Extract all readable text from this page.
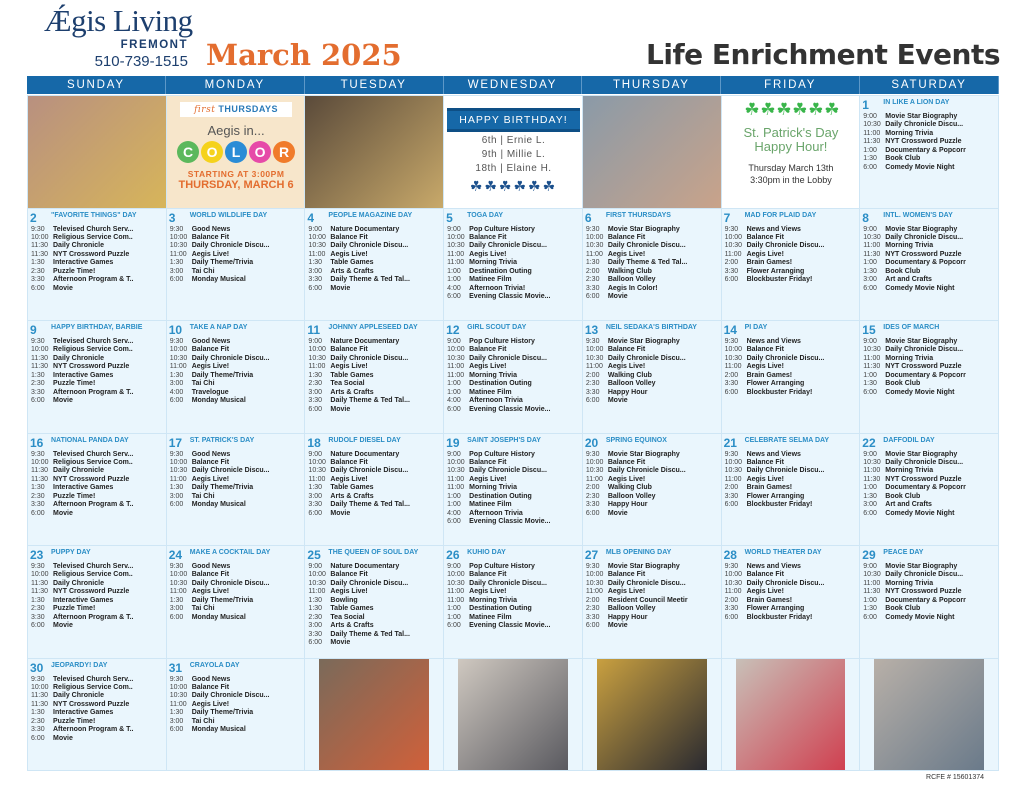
Ǽgis Living
FREMONT
510-739-1515 March 2025	Life Enrichment Events
SUNDAY	MONDAY	TUESDAY	WEDNESDAY	THURSDAY	FRIDAY	SATURDAY
first THURSDAYS
Aegis in...
C O	L	O R
STARTING AT 3:00PM
THURSDAY, MARCH 6
HAPPY BIRTHDAY!
6th | Ernie L.
9th | Millie L.
18th | Elaine H.
☘☘☘☘☘☘
☘ ☘ ☘ ☘ ☘ ☘
St. Patrick's Day
Happy Hour!
Thursday March 13th
3:30pm in the Lobby
1 IN LIKE A LION DAY
9:00	Movie Star Biography
10:30 Daily Chronicle Discu...
11:00 Morning Trivia
11:30 NYT Crossword Puzzle
1:00	Documentary & Popcorr
1:30	Book Club
6:00	Comedy Movie Night
2 "FAVORITE THINGS" DAY
9:30	Televised Church Serv...
10:00 Religious Service Com..
11:30 Daily Chronicle
11:30 NYT Crossword Puzzle
1:30	Interactive Games
2:30	Puzzle Time!
3:30	Afternoon Program & T..
6:00	Movie
3 WORLD WILDLIFE DAY
9:30	Good News
10:00 Balance Fit
10:30 Daily Chronicle Discu...
11:00 Aegis Live!
1:30	Daily Theme/Trivia
3:00	Tai Chi
6:00	Monday Musical
4 PEOPLE MAGAZINE DAY
9:00	Nature Documentary
10:00 Balance Fit
10:30 Daily Chronicle Discu...
11:00 Aegis Live!
1:30	Table Games
3:00	Arts & Crafts
3:30	Daily Theme & Ted Tal...
6:00	Movie
5 TOGA DAY
9:00	Pop Culture History
10:00 Balance Fit
10:30 Daily Chronicle Discu...
11:00 Aegis Live!
11:00 Morning Trivia
1:00	Destination Outing
1:00	Matinee Film
4:00	Afternoon Trivia!
6:00	Evening Classic Movie...
6 FIRST THURSDAYS
9:30	Movie Star Biography
10:00 Balance Fit
10:30 Daily Chronicle Discu...
11:00 Aegis Live!
1:30	Daily Theme & Ted Tal...
2:00	Walking Club
2:30	Balloon Volley
3:30	Aegis In Color!
6:00	Movie
7 MAD FOR PLAID DAY
9:30	News and Views
10:00 Balance Fit
10:30 Daily Chronicle Discu...
11:00 Aegis Live!
2:00	Brain Games!
3:30	Flower Arranging
6:00	Blockbuster Friday!
8 INTL. WOMEN'S DAY
9:00	Movie Star Biography
10:30 Daily Chronicle Discu...
11:00 Morning Trivia
11:30 NYT Crossword Puzzle
1:00	Documentary & Popcorr
1:30	Book Club
3:00	Art and Crafts
6:00	Comedy Movie Night
9 HAPPY BIRTHDAY, BARBIE
9:30	Televised Church Serv...
10:00 Religious Service Com..
11:30 Daily Chronicle
11:30 NYT Crossword Puzzle
1:30	Interactive Games
2:30	Puzzle Time!
3:30	Afternoon Program & T..
6:00	Movie
10 TAKE A NAP DAY
9:30	Good News
10:00 Balance Fit
10:30 Daily Chronicle Discu...
11:00 Aegis Live!
1:30	Daily Theme/Trivia
3:00	Tai Chi
4:00	Travelogue
6:00	Monday Musical
11 JOHNNY APPLESEED DAY
9:00	Nature Documentary
10:00 Balance Fit
10:30 Daily Chronicle Discu...
11:00 Aegis Live!
1:30	Table Games
2:30	Tea Social
3:00	Arts & Crafts
3:30	Daily Theme & Ted Tal...
6:00	Movie
12 GIRL SCOUT DAY
9:00	Pop Culture History
10:00 Balance Fit
10:30 Daily Chronicle Discu...
11:00 Aegis Live!
11:00 Morning Trivia
1:00	Destination Outing
1:00	Matinee Film
4:00	Afternoon Trivia
6:00	Evening Classic Movie...
13 NEIL SEDAKA'S BIRTHDAY
9:30	Movie Star Biography
10:00 Balance Fit
10:30 Daily Chronicle Discu...
11:00 Aegis Live!
2:00	Walking Club
2:30	Balloon Volley
3:30	Happy Hour
6:00	Movie
14 PI DAY
9:30	News and Views
10:00 Balance Fit
10:30 Daily Chronicle Discu...
11:00 Aegis Live!
2:00	Brain Games!
3:30	Flower Arranging
6:00	Blockbuster Friday!
15 IDES OF MARCH
9:00	Movie Star Biography
10:30 Daily Chronicle Discu...
11:00 Morning Trivia
11:30 NYT Crossword Puzzle
1:00	Documentary & Popcorr
1:30	Book Club
6:00	Comedy Movie Night
16 NATIONAL PANDA DAY
9:30	Televised Church Serv...
10:00 Religious Service Com..
11:30 Daily Chronicle
11:30 NYT Crossword Puzzle
1:30	Interactive Games
2:30	Puzzle Time!
3:30	Afternoon Program & T..
6:00	Movie
17 ST. PATRICK'S DAY
9:30	Good News
10:00 Balance Fit
10:30 Daily Chronicle Discu...
11:00 Aegis Live!
1:30	Daily Theme/Trivia
3:00	Tai Chi
6:00	Monday Musical
18 RUDOLF DIESEL DAY
9:00	Nature Documentary
10:00 Balance Fit
10:30 Daily Chronicle Discu...
11:00 Aegis Live!
1:30	Table Games
3:00	Arts & Crafts
3:30	Daily Theme & Ted Tal...
6:00	Movie
19 SAINT JOSEPH'S DAY
9:00	Pop Culture History
10:00 Balance Fit
10:30 Daily Chronicle Discu...
11:00 Aegis Live!
11:00 Morning Trivia
1:00	Destination Outing
1:00	Matinee Film
4:00	Afternoon Trivia
6:00	Evening Classic Movie...
20 SPRING EQUINOX
9:30	Movie Star Biography
10:00 Balance Fit
10:30 Daily Chronicle Discu...
11:00 Aegis Live!
2:00	Walking Club
2:30	Balloon Volley
3:30	Happy Hour
6:00	Movie
21 CELEBRATE SELMA DAY
9:30	News and Views
10:00 Balance Fit
10:30 Daily Chronicle Discu...
11:00 Aegis Live!
2:00	Brain Games!
3:30	Flower Arranging
6:00	Blockbuster Friday!
22 DAFFODIL DAY
9:00	Movie Star Biography
10:30 Daily Chronicle Discu...
11:00 Morning Trivia
11:30 NYT Crossword Puzzle
1:00	Documentary & Popcorr
1:30	Book Club
3:00	Art and Crafts
6:00	Comedy Movie Night
23 PUPPY DAY
9:30	Televised Church Serv...
10:00 Religious Service Com..
11:30 Daily Chronicle
11:30 NYT Crossword Puzzle
1:30	Interactive Games
2:30	Puzzle Time!
3:30	Afternoon Program & T..
6:00	Movie
24 MAKE A COCKTAIL DAY
9:30	Good News
10:00 Balance Fit
10:30 Daily Chronicle Discu...
11:00 Aegis Live!
1:30	Daily Theme/Trivia
3:00	Tai Chi
6:00	Monday Musical
25 THE QUEEN OF SOUL DAY
9:00	Nature Documentary
10:00 Balance Fit
10:30 Daily Chronicle Discu...
11:00 Aegis Live!
1:30	Bowling
1:30	Table Games
2:30	Tea Social
3:00	Arts & Crafts
3:30	Daily Theme & Ted Tal...
6:00	Movie
26 KUHIO DAY
9:00	Pop Culture History
10:00 Balance Fit
10:30 Daily Chronicle Discu...
11:00 Aegis Live!
11:00 Morning Trivia
1:00	Destination Outing
1:00	Matinee Film
6:00	Evening Classic Movie...
27 MLB OPENING DAY
9:30	Movie Star Biography
10:00 Balance Fit
10:30 Daily Chronicle Discu...
11:00 Aegis Live!
2:00	Resident Council Meetir
2:30	Balloon Volley
3:30	Happy Hour
6:00	Movie
28 WORLD THEATER DAY
9:30	News and Views
10:00 Balance Fit
10:30 Daily Chronicle Discu...
11:00 Aegis Live!
2:00	Brain Games!
3:30	Flower Arranging
6:00	Blockbuster Friday!
29 PEACE DAY
9:00	Movie Star Biography
10:30 Daily Chronicle Discu...
11:00 Morning Trivia
11:30 NYT Crossword Puzzle
1:00	Documentary & Popcorr
1:30	Book Club
6:00	Comedy Movie Night
30 JEOPARDY! DAY
9:30	Televised Church Serv...
10:00 Religious Service Com..
11:30 Daily Chronicle
11:30 NYT Crossword Puzzle
1:30	Interactive Games
2:30	Puzzle Time!
3:30	Afternoon Program & T..
6:00	Movie
31 CRAYOLA DAY
9:30	Good News
10:00 Balance Fit
10:30 Daily Chronicle Discu...
11:00 Aegis Live!
1:30	Daily Theme/Trivia
3:00	Tai Chi
6:00	Monday Musical
RCFE # 15601374
